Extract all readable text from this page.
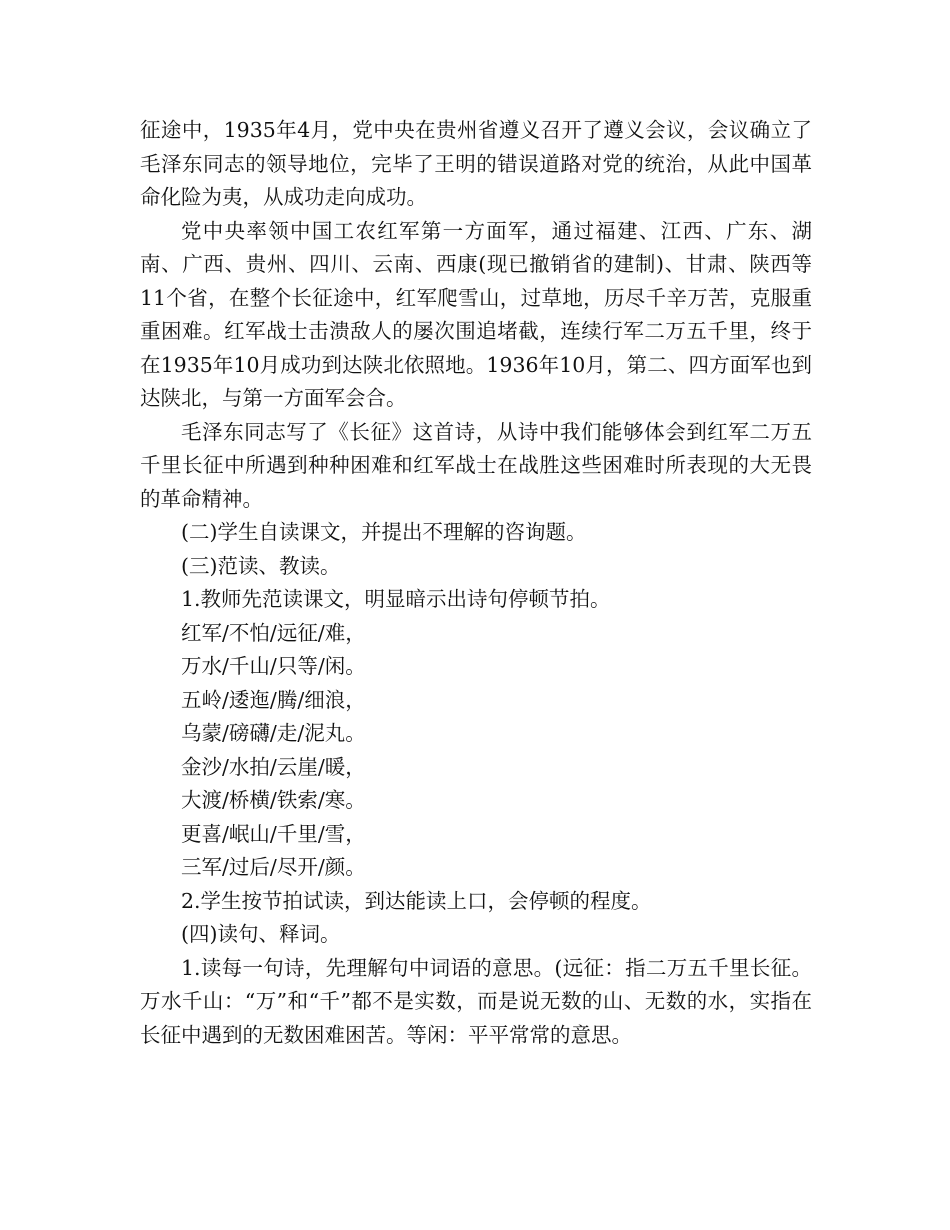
征途中，1935年4月，党中央在贵州省遵义召开了遵义会议，会议确立了毛泽东同志的领导地位，完毕了王明的错误道路对党的统治，从此中国革命化险为夷，从成功走向成功。

党中央率领中国工农红军第一方面军，通过福建、江西、广东、湖南、广西、贵州、四川、云南、西康(现已撤销省的建制)、甘肃、陕西等11个省，在整个长征途中，红军爬雪山，过草地，历尽千辛万苦，克服重重困难。红军战士击溃敌人的屡次围追堵截，连续行军二万五千里，终于在1935年10月成功到达陕北依照地。1936年10月，第二、四方面军也到达陕北，与第一方面军会合。

毛泽东同志写了《长征》这首诗，从诗中我们能够体会到红军二万五千里长征中所遇到种种困难和红军战士在战胜这些困难时所表现的大无畏的革命精神。

(二)学生自读课文，并提出不理解的咨询题。

(三)范读、教读。

1.教师先范读课文，明显暗示出诗句停顿节拍。

红军/不怕/远征/难，

万水/千山/只等/闲。

五岭/逶迤/腾/细浪，

乌蒙/磅礴/走/泥丸。

金沙/水拍/云崖/暖，

大渡/桥横/铁索/寒。

更喜/岷山/千里/雪，

三军/过后/尽开/颜。

2.学生按节拍试读，到达能读上口，会停顿的程度。

(四)读句、释词。

1.读每一句诗，先理解句中词语的意思。(远征：指二万五千里长征。万水千山：“万”和“千”都不是实数，而是说无数的山、无数的水，实指在长征中遇到的无数困难困苦。等闲：平平常常的意思。
